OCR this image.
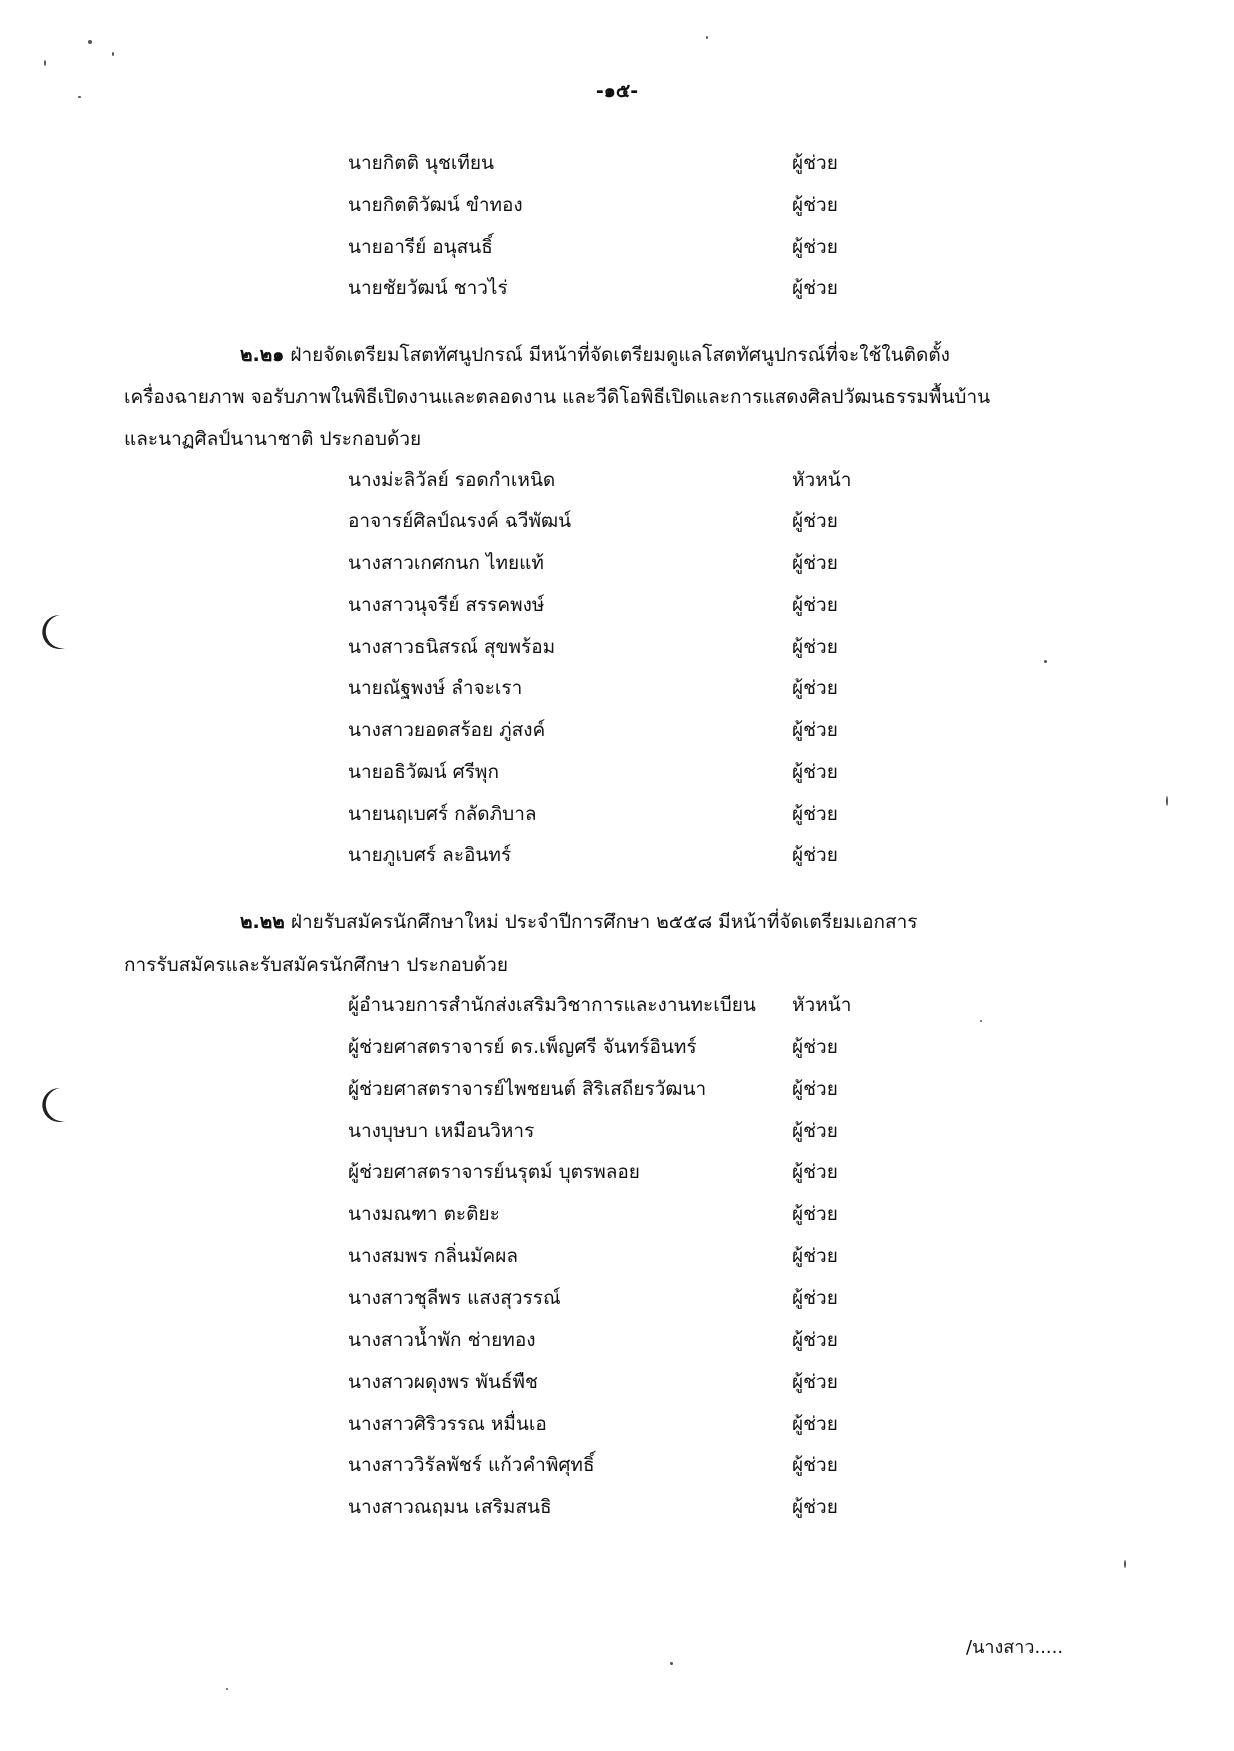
-๑๕-
นายกิตติ นุชเทียน	ผู้ช่วย
นายกิตติวัฒน์ ขำทอง	ผู้ช่วย
นายอารีย์ อนุสนธิ์	ผู้ช่วย
นายชัยวัฒน์ ชาวไร่	ผู้ช่วย
๒.๒๑ ฝ่ายจัดเตรียมโสตทัศนูปกรณ์ มีหน้าที่จัดเตรียมดูแลโสตทัศนูปกรณ์ที่จะใช้ในติดตั้ง
เครื่องฉายภาพ จอรับภาพในพิธีเปิดงานและตลอดงาน และวีดิโอพิธีเปิดและการแสดงศิลปวัฒนธรรมพื้นบ้าน
และนาฏศิลป์นานาชาติ ประกอบด้วย
นางม่ะลิวัลย์ รอดกำเหนิด	หัวหน้า
อาจารย์ศิลป์ณรงค์ ฉวีพัฒน์	ผู้ช่วย
นางสาวเกศกนก ไทยแท้	ผู้ช่วย
นางสาวนุจรีย์ สรรคพงษ์	ผู้ช่วย
นางสาวธนิสรณ์ สุขพร้อม	ผู้ช่วย
นายณัฐพงษ์ ลำจะเรา	ผู้ช่วย
นางสาวยอดสร้อย ภู่สงค์	ผู้ช่วย
นายอธิวัฒน์ ศรีพุก	ผู้ช่วย
นายนฤเบศร์ กลัดภิบาล	ผู้ช่วย
นายภูเบศร์ ละอินทร์	ผู้ช่วย
๒.๒๒ ฝ่ายรับสมัครนักศึกษาใหม่ ประจำปีการศึกษา ๒๕๕๘ มีหน้าที่จัดเตรียมเอกสาร
การรับสมัครและรับสมัครนักศึกษา ประกอบด้วย
ผู้อำนวยการสำนักส่งเสริมวิชาการและงานทะเบียน หัวหน้า
ผู้ช่วยศาสตราจารย์ ดร.เพ็ญศรี จันทร์อินทร์	ผู้ช่วย
ผู้ช่วยศาสตราจารย์ไพชยนต์ สิริเสถียรวัฒนา	ผู้ช่วย
นางบุษบา เหมือนวิหาร	ผู้ช่วย
ผู้ช่วยศาสตราจารย์นรุตม์ บุตรพลอย	ผู้ช่วย
นางมณฑา ตะติยะ	ผู้ช่วย
นางสมพร กลิ่นมัคผล	ผู้ช่วย
นางสาวชุลีพร แสงสุวรรณ์	ผู้ช่วย
นางสาวน้ำพัก ช่ายทอง	ผู้ช่วย
นางสาวผดุงพร พันธ์พืช	ผู้ช่วย
นางสาวศิริวรรณ หมื่นเอ	ผู้ช่วย
นางสาววิรัลพัชร์ แก้วคำพิศุทธิ์	ผู้ช่วย
นางสาวณฤมน เสริมสนธิ	ผู้ช่วย
/นางสาว.....
